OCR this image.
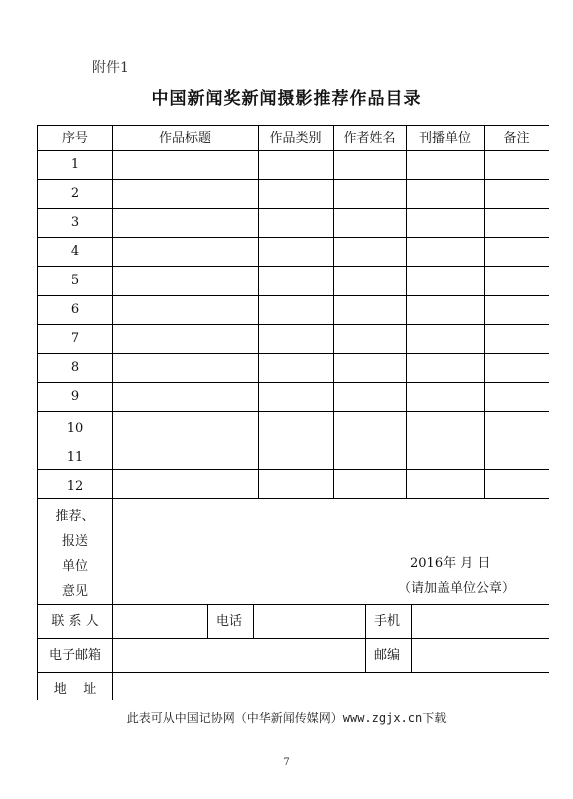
附件1
中国新闻奖新闻摄影推荐作品目录
序号	作品标题	作品类别	作者姓名	刊播单位	备注
1
2
3
4
5
6
7
8
9
10
11
12
推荐、
报送
单位
意见
2016年 月 日
（请加盖单位公章）
联 系 人	电话	手机
电子邮箱	邮编
地    址
此表可从中国记协网（中华新闻传媒网）www.zgjx.cn下载
7
